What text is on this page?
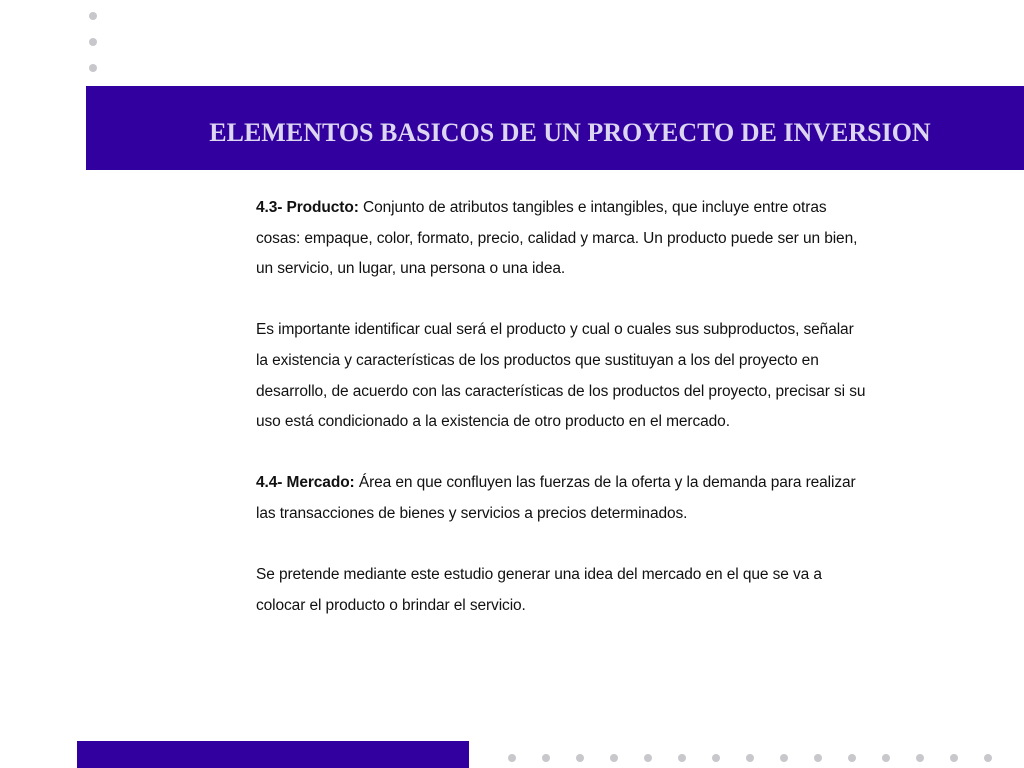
ELEMENTOS BASICOS DE UN PROYECTO DE INVERSION

4.3- Producto: Conjunto de atributos tangibles e intangibles, que incluye entre otras cosas: empaque, color, formato, precio, calidad y marca. Un producto puede ser un bien, un servicio, un lugar, una persona o una idea.

Es importante identificar cual será el producto y cual o cuales sus subproductos, señalar la existencia y características de los productos que sustituyan a los del proyecto en desarrollo, de acuerdo con las características de los productos del proyecto, precisar si su uso está condicionado a la existencia de otro producto en el mercado.

4.4- Mercado: Área en que confluyen las fuerzas de la oferta y la demanda para realizar las transacciones de bienes y servicios a precios determinados.

Se pretende mediante este estudio generar una idea del mercado en el que se va a colocar el producto o brindar el servicio.
